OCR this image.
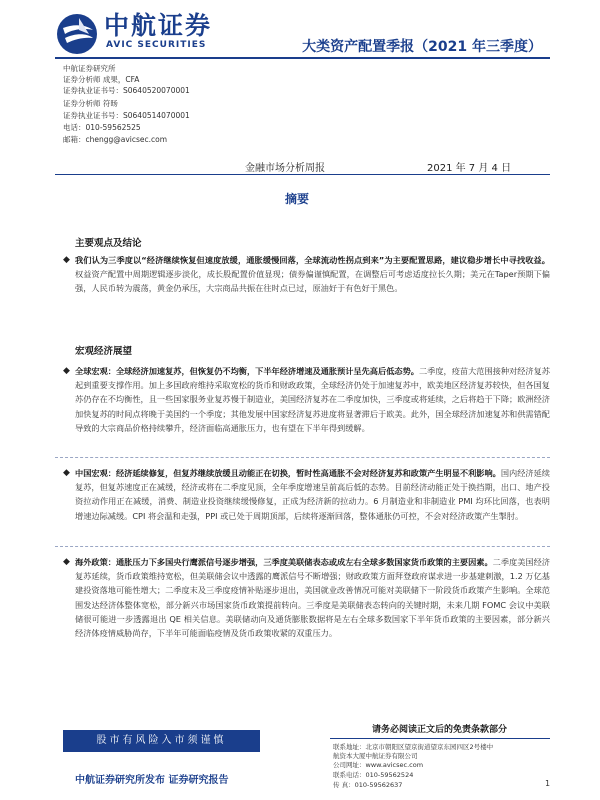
中航证券
AVIC SECURITIES	大类资产配置季报（2021 年三季度）
中航证券研究所
证券分析师 成果，CFA
证券执业证书号：S0640520070001
证券分析师 符旸
证券执业证书号：S0640514070001
电话：010-59562525
邮箱：chengg@avicsec.com
金融市场分析周报	2021 年 7 月 4 日
摘要
主要观点及结论
◆ 我们认为三季度以“经济继续恢复但速度放缓，通胀缓慢回落，全球流动性拐点到来”为主要配置思路，建议稳步增长中寻找收益。权益资产配置中周期逻辑逐步淡化，成长股配置价值显现；债券偏谨慎配置，在调整后可考虑适度拉长久期；美元在Taper预期下偏强，人民币转为震荡，黄金仍承压，大宗商品共振在往时点已过，原油好于有色好于黑色。
宏观经济展望
◆ 全球宏观：全球经济加速复苏，但恢复仍不均衡，下半年经济增速及通胀预计呈先高后低态势。二季度，疫苗大范围接种对经济复苏起到重要支撑作用。加上多国政府维持采取宽松的货币和财政政策，全球经济仍处于加速复苏中，欧美地区经济复苏较快，但各国复苏仍存在不均衡性，且一些国家服务业复苏慢于制造业，美国经济复苏在二季度加快，三季度或将延续，之后将趋于下降；欧洲经济加快复苏的时间点将晚于美国约一个季度；其他发展中国家经济复苏进度将显著滞后于欧美。此外，国全球经济加速复苏和供需错配导致的大宗商品价格持续攀升，经济面临高通胀压力，也有望在下半年得到缓解。
◆ 中国宏观：经济延续修复，但复苏继续放缓且动能正在切换，暂时性高通胀不会对经济复苏和政策产生明显不利影响。国内经济延续复苏，但复苏速度正在减缓，经济或将在二季度见顶，全年季度增速呈前高后低的态势。目前经济动能正处于换挡期，出口、地产投资拉动作用正在减缓，消费、制造业投资继续缓慢修复，正成为经济新的拉动力。6 月制造业和非制造业 PMI 均环比回落，也表明增速边际减缓。CPI 将会温和走强，PPI 或已处于周期顶部，后续将逐渐回落，整体通胀仍可控，不会对经济政策产生掣肘。
◆ 海外政策：通胀压力下多国央行鹰派信号逐步增强，三季度美联储表态或成左右全球多数国家货币政策的主要因素。二季度美国经济复苏延续，货币政策维持宽松，但美联储会议中透露的鹰派信号不断增强；财政政策方面拜登政府谋求进一步基建刺激，1.2 万亿基建投资落地可能性增大；二季度末及三季度疫情补贴逐步退出，美国就业改善情况可能对美联储下一阶段货币政策产生影响。全球范围发达经济体整体宽松，部分新兴市场国家货币政策提前转向。三季度是美联储表态转向的关键时期，未来几期 FOMC 会议中美联储很可能进一步透露退出 QE 相关信息。美联储动向及通货膨胀数据将是左右全球多数国家下半年货币政策的主要因素，部分新兴经济体疫情威胁尚存，下半年可能面临疫情及货币政策收紧的双重压力。
股市有风险入市须谨慎
中航证券研究所发布 证券研究报告
请务必阅读正文后的免责条款部分
联系地址：北京市朝阳区望京街道望京东园四区2号楼中
航资本大厦中航证券有限公司
公司网址：www.avicsec.com
联系电话：010-59562524
传 真：010-59562637	1
